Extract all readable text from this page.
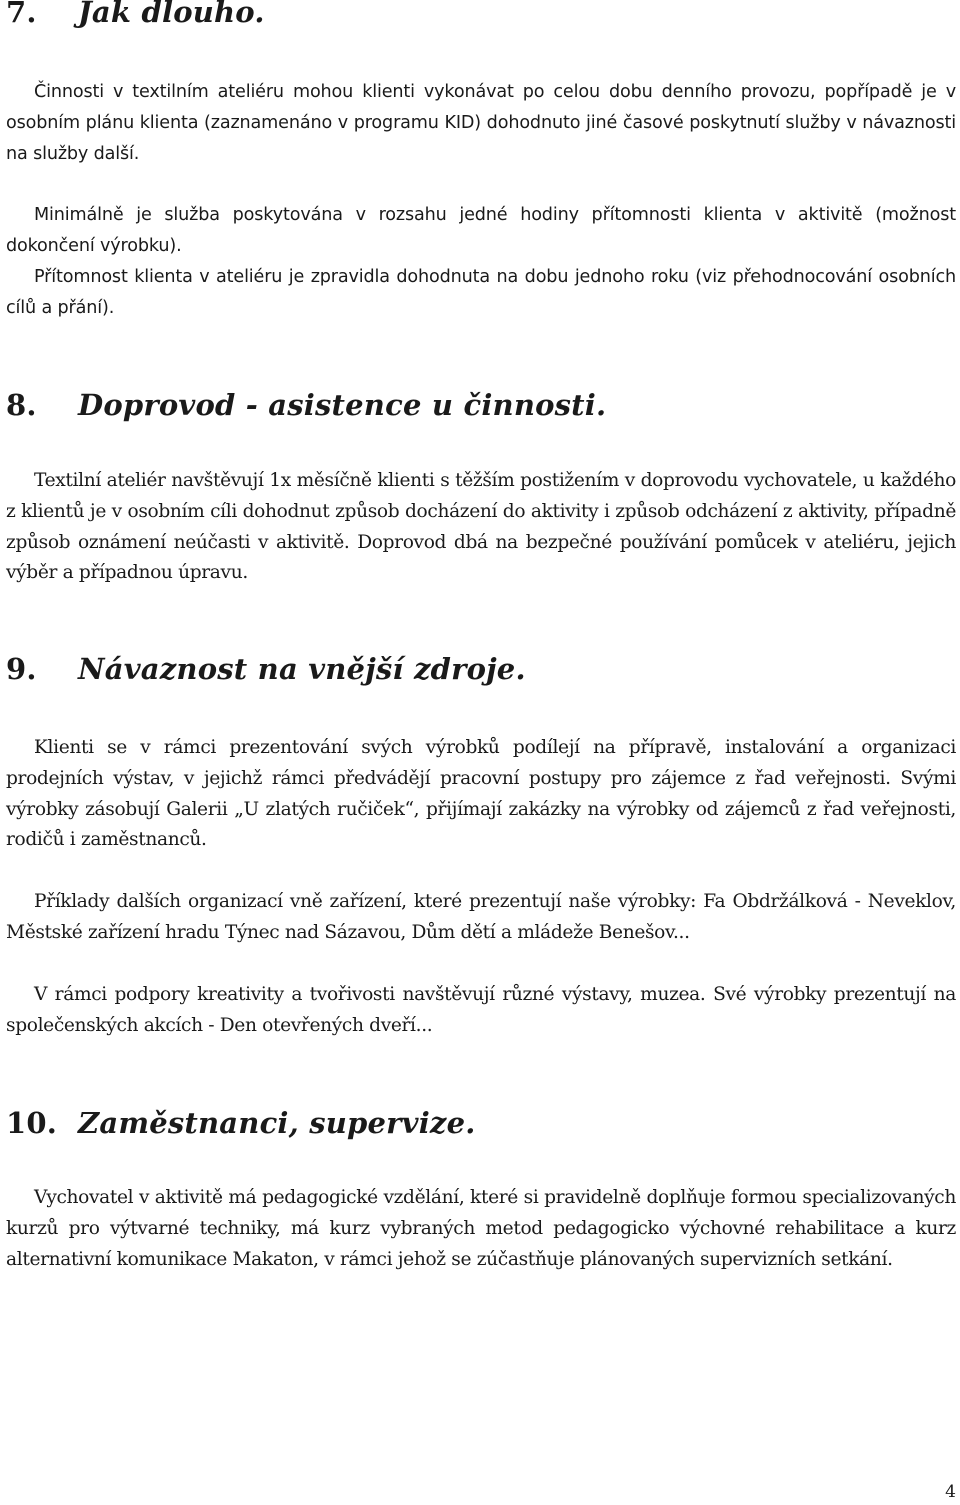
7. Jak dlouho.

Činnosti v textilním ateliéru mohou klienti vykonávat po celou dobu denního provozu, popřípadě je v osobním plánu klienta (zaznamenáno v programu KID) dohodnuto jiné časové poskytnutí služby v návaznosti na služby další.

Minimálně je služba poskytována v rozsahu jedné hodiny přítomnosti klienta v aktivitě (možnost dokončení výrobku).

Přítomnost klienta v ateliéru je zpravidla dohodnuta na dobu jednoho roku (viz přehodnocování osobních cílů a přání).

8. Doprovod - asistence u činnosti.

Textilní ateliér navštěvují 1x měsíčně klienti s těžším postižením v doprovodu vychovatele, u každého z klientů je v osobním cíli dohodnut způsob docházení do aktivity i způsob odcházení z aktivity, případně způsob oznámení neúčasti v aktivitě. Doprovod dbá na bezpečné používání pomůcek v ateliéru, jejich výběr a případnou úpravu.

9. Návaznost na vnější zdroje.

Klienti se v rámci prezentování svých výrobků podílejí na přípravě, instalování a organizaci prodejních výstav, v jejichž rámci předvádějí pracovní postupy pro zájemce z řad veřejnosti. Svými výrobky zásobují Galerii „U zlatých ručiček“, přijímají zakázky na výrobky od zájemců z řad veřejnosti, rodičů i zaměstnanců.

Příklady dalších organizací vně zařízení, které prezentují naše výrobky: Fa Obdržálková - Neveklov, Městské zařízení hradu Týnec nad Sázavou, Dům dětí a mládeže Benešov...

V rámci podpory kreativity a tvořivosti navštěvují různé výstavy, muzea. Své výrobky prezentují na společenských akcích - Den otevřených dveří...

10. Zaměstnanci, supervize.

Vychovatel v aktivitě má pedagogické vzdělání, které si pravidelně doplňuje formou specializovaných kurzů pro výtvarné techniky, má kurz vybraných metod pedagogicko výchovné rehabilitace a kurz alternativní komunikace Makaton, v rámci jehož se zúčastňuje plánovaných supervizních setkání.

4
